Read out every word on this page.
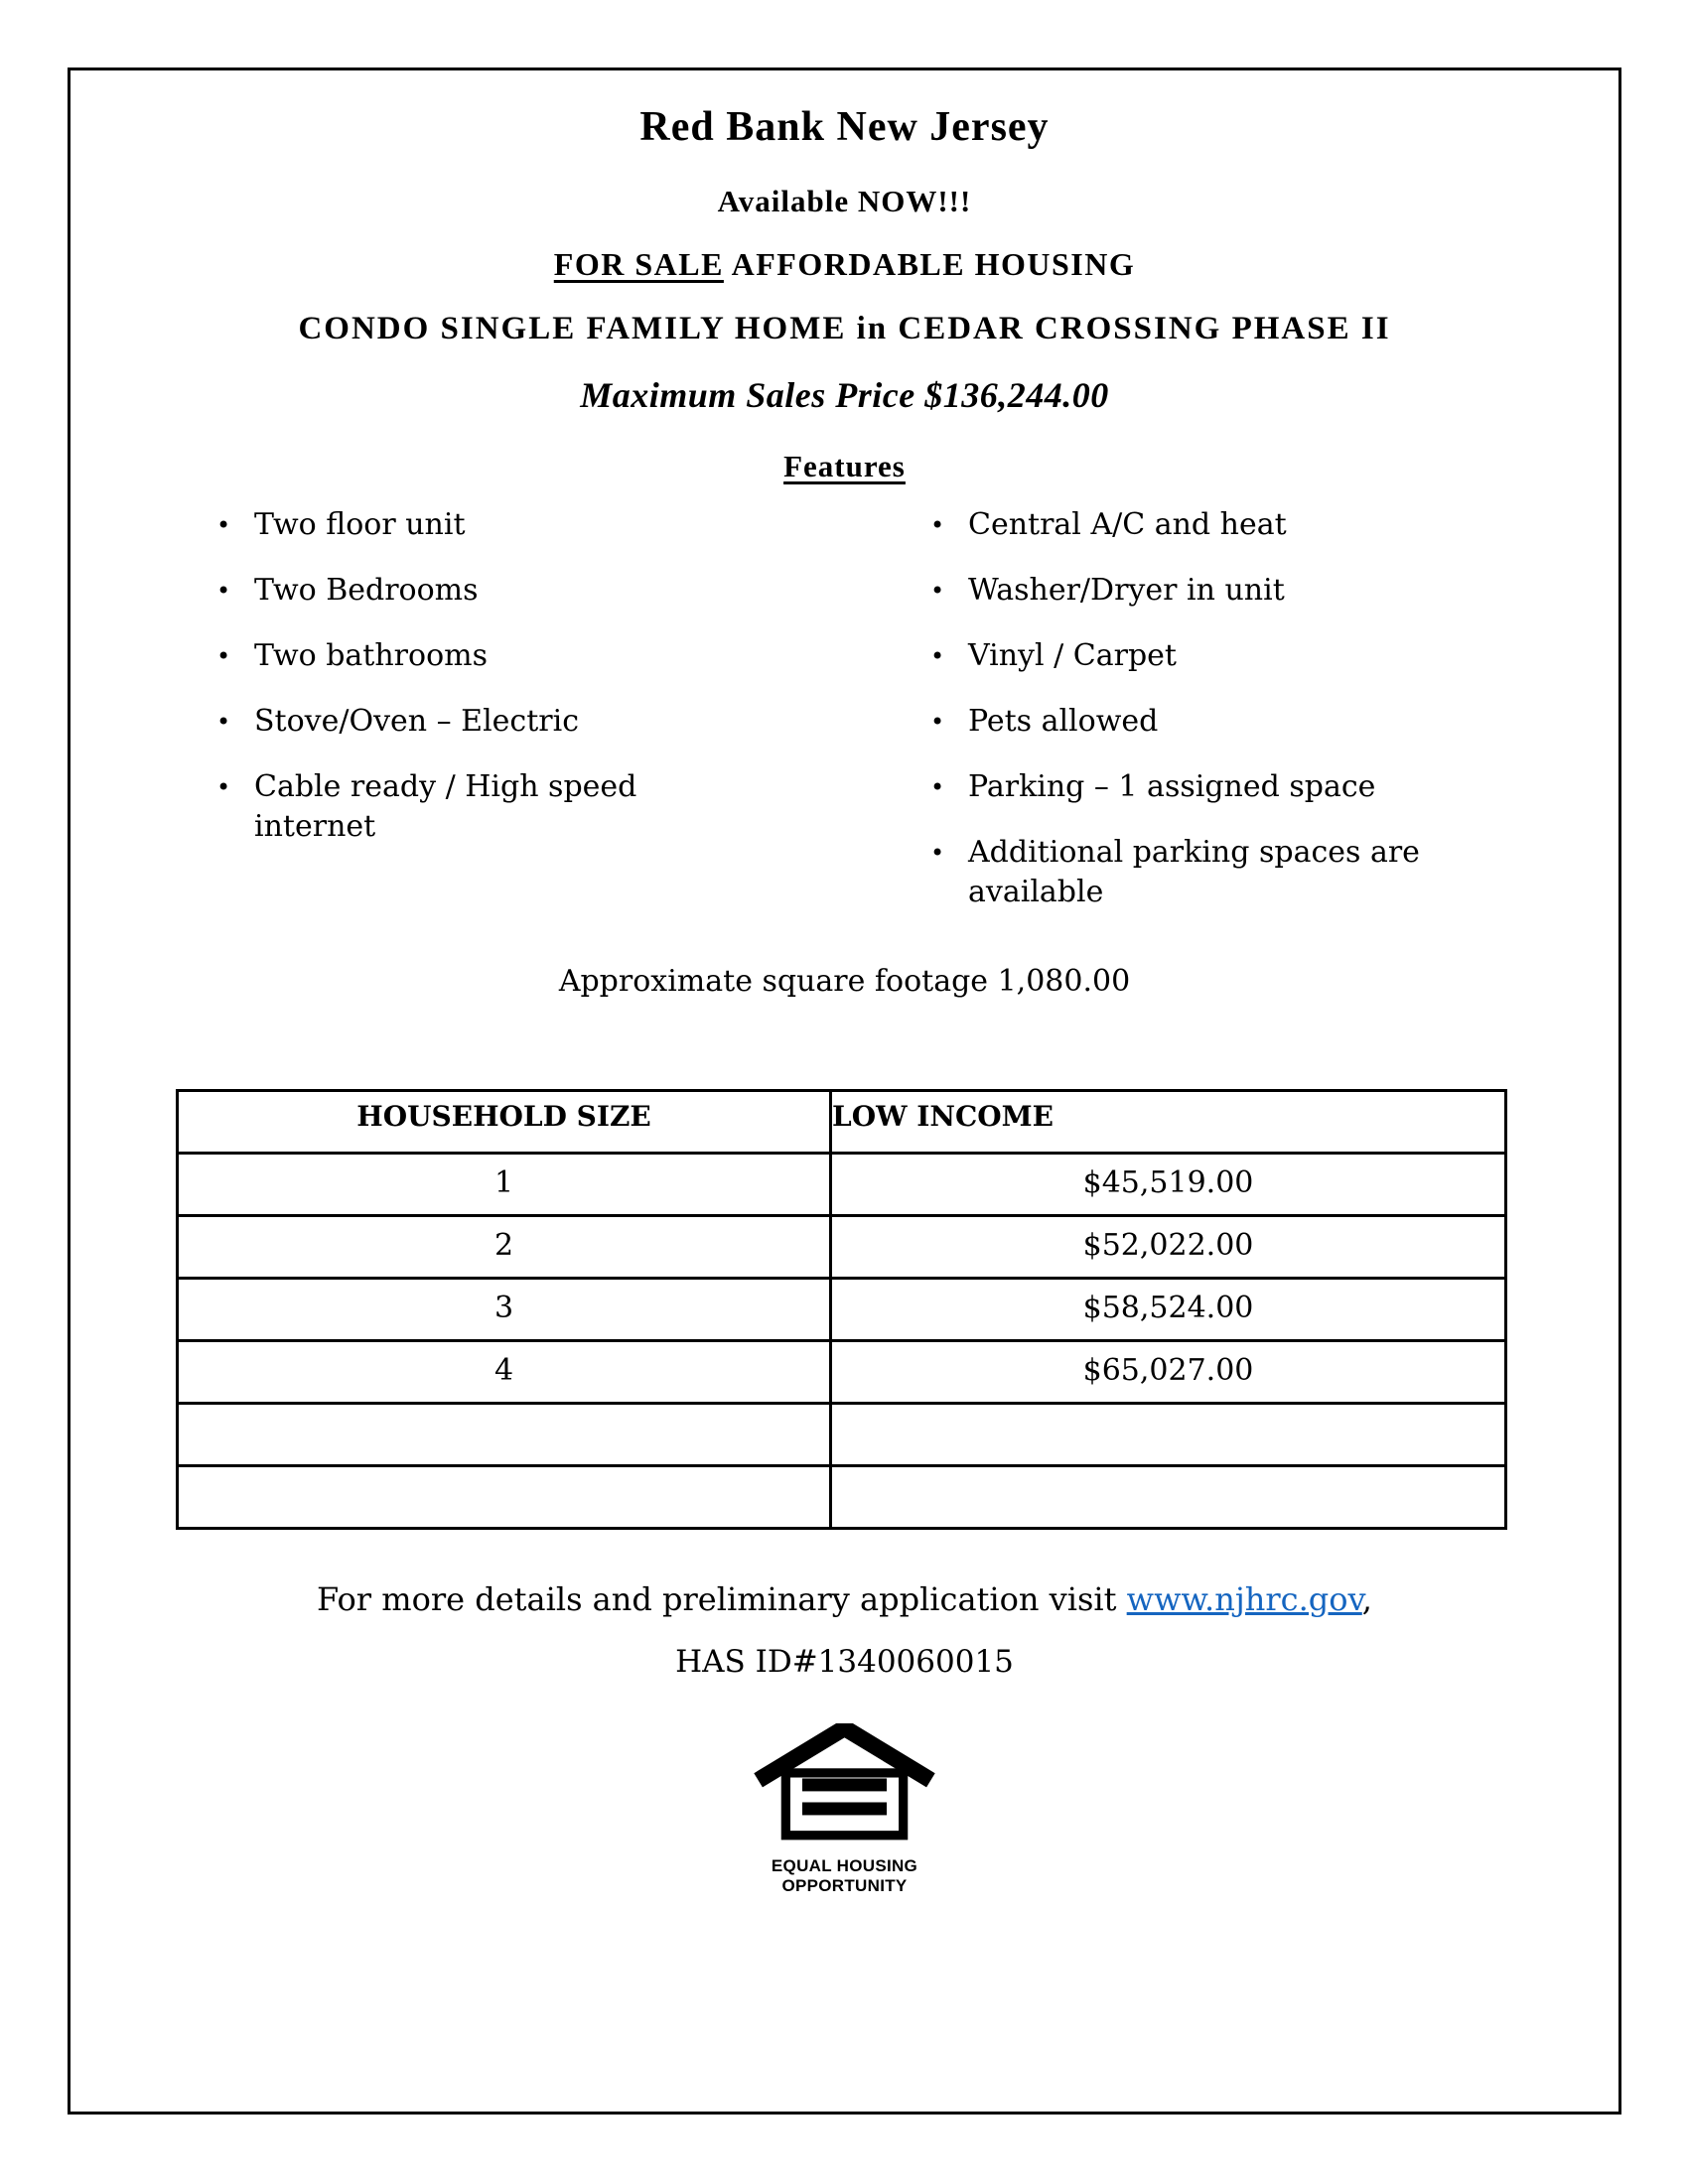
Red Bank New Jersey
Available NOW!!!
FOR SALE AFFORDABLE HOUSING
CONDO SINGLE FAMILY HOME in CEDAR CROSSING PHASE II
Maximum Sales Price $136,244.00
Features
•
Two floor unit
•
Two Bedrooms
•
Two bathrooms
•
Stove/Oven – Electric
•
Cable ready / High speed internet
•
Central A/C and heat
•
Washer/Dryer in unit
•
Vinyl / Carpet
•
Pets allowed
•
Parking – 1 assigned space
•
Additional parking spaces are available
Approximate square footage 1,080.00
HOUSEHOLD SIZE	LOW INCOME
1	$45,519.00
2	$52,022.00
3	$58,524.00
4	$65,027.00

For more details and preliminary application visit www.njhrc.gov,
HAS ID#1340060015
EQUAL HOUSING
OPPORTUNITY
